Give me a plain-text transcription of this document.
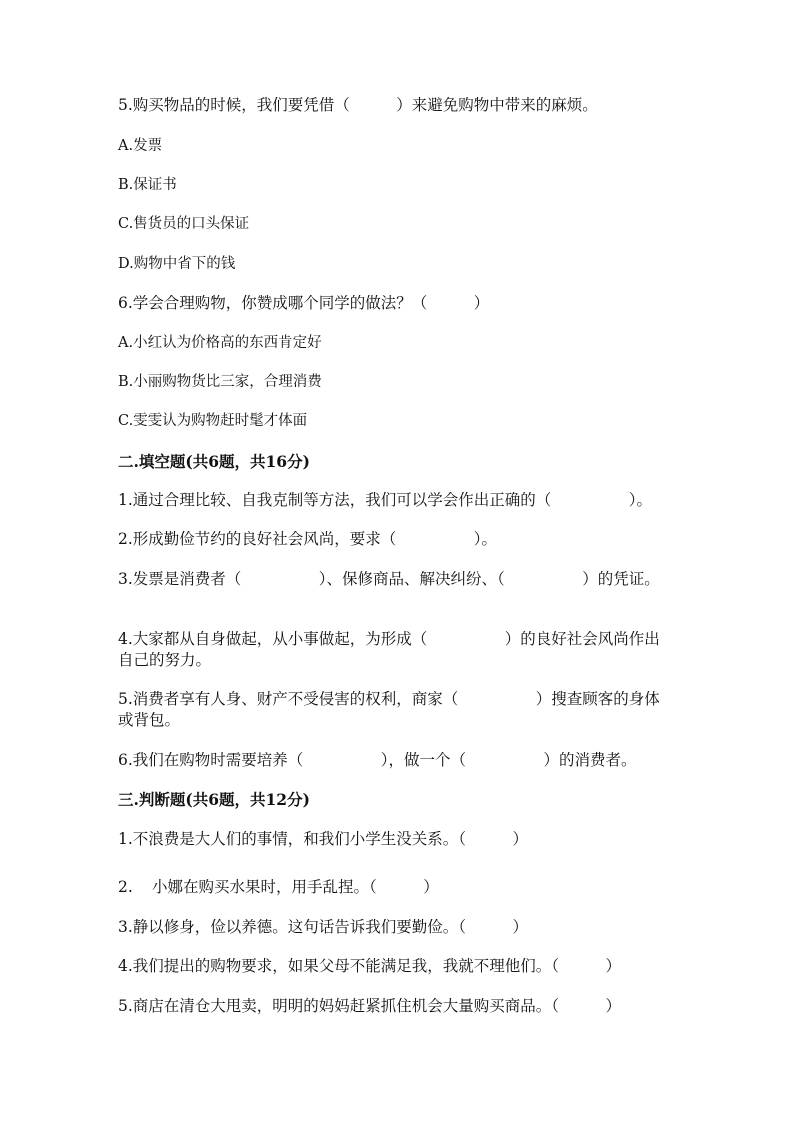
5.购买物品的时候，我们要凭借（　　　）来避免购物中带来的麻烦。
A.发票
B.保证书
C.售货员的口头保证
D.购物中省下的钱
6.学会合理购物，你赞成哪个同学的做法？（　　　）
A.小红认为价格高的东西肯定好
B.小丽购物货比三家，合理消费
C.雯雯认为购物赶时髦才体面
二.填空题(共6题，共16分)
1.通过合理比较、自我克制等方法，我们可以学会作出正确的（　　　　　）。
2.形成勤俭节约的良好社会风尚，要求（　　　　　）。
3.发票是消费者（　　　　　）、保修商品、解决纠纷、（　　　　　）的凭证。
4.大家都从自身做起，从小事做起，为形成（　　　　　）的良好社会风尚作出自己的努力。
5.消费者享有人身、财产不受侵害的权利，商家（　　　　　）搜查顾客的身体或背包。
6.我们在购物时需要培养（　　　　　），做一个（　　　　　）的消费者。
三.判断题(共6题，共12分)
1.不浪费是大人们的事情，和我们小学生没关系。（　　　）
2. 小娜在购买水果时，用手乱捏。（　　　）
3.静以修身，俭以养德。这句话告诉我们要勤俭。（　　　）
4.我们提出的购物要求，如果父母不能满足我，我就不理他们。（　　　）
5.商店在清仓大甩卖，明明的妈妈赶紧抓住机会大量购买商品。（　　　）
